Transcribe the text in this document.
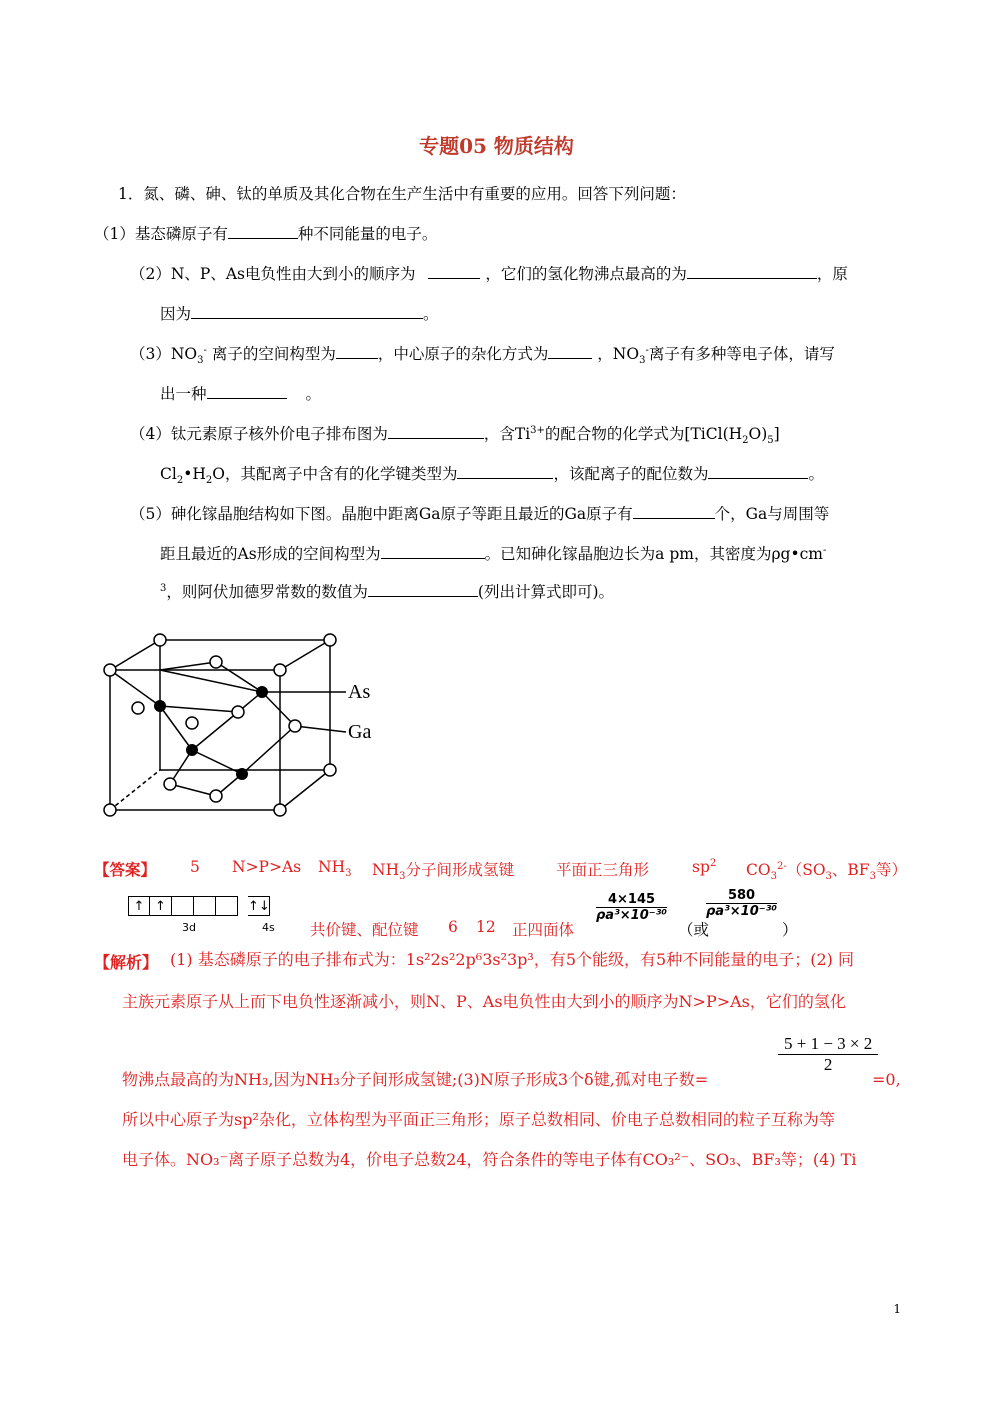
专题05 物质结构
1．氮、磷、砷、钛的单质及其化合物在生产生活中有重要的应用。回答下列问题：
（1）基态磷原子有	种不同能量的电子。
（2）N、P、As电负性由大到小的顺序为	，它们的氢化物沸点最高的为	，原
因为	。
$(3)NO_3^-$ 离子的空间构型为	，中心原子的杂化方式为	，$NO_3^-$离子有多种等电子体，请写
出一种	。
（4）钛元素原子核外价电子排布图为	，含$Ti^{3+}$的配合物的化学式为$[TiCl(H_2O)_5]$
$Cl_2•H_2O$，其配离子中含有的化学键类型为	，该配离子的配位数为	。
（5）砷化镓晶胞结构如下图。晶胞中距离Ga原子等距且最近的Ga原子有	个，Ga与周围等
距且最近的As形成的空间构型为	。已知砷化镓晶胞边长为a pm，其密度为ρg•cm-
$^3$，则阿伏加德罗常数的数值为	(列出计算式即可)。
As
Ga
【答案】 5 N>P>As $NH_3$ $NH_3$分子间形成氢键	平面正三角形	$sp^2$ $CO_3^{2-}(SO_3$、$BF_3$等）
↑ ↑	↑↓
3d	4s 共价键、配位键 6 12 正四面体
$\frac{4\times 145}{\text{ρa³×10⁻³⁰}}$
（或
$\frac{580}{\text{ρa³×10⁻³⁰}}$
）
【解析】 (1) 基态磷原子的电子排布式为：1s²2s²2p⁶3s²3p³，有5个能级，有5种不同能量的电子；(2) 同
主族元素原子从上而下电负性逐渐减小，则N、P、As电负性由大到小的顺序为N>P>As，它们的氢化
物沸点最高的为NH₃,因为NH₃分子间形成氢键;(3)N原子形成3个δ键,孤对电子数=
$\frac{5 + 1 - 3 \times 2}{2}$
=0,
所以中心原子为sp²杂化，立体构型为平面正三角形；原子总数相同、价电子总数相同的粒子互称为等
电子体。NO₃⁻离子原子总数为4，价电子总数24，符合条件的等电子体有CO₃²⁻、SO₃、BF₃等；(4) Ti
1
